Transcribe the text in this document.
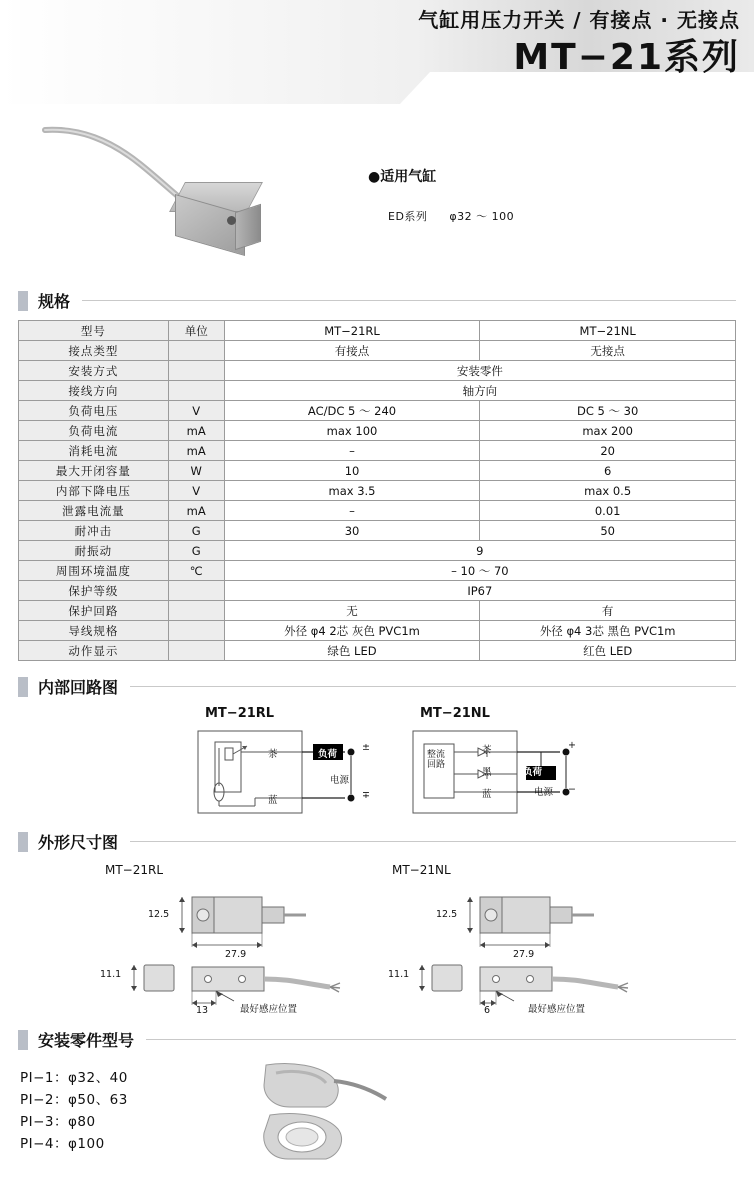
气缸用压力开关 / 有接点 · 无接点
MT−21系列
●适用气缸
ED系列 φ32 ～ 100
规格
型号	单位	MT−21RL	MT−21NL
接点类型		有接点	无接点
安装方式		安装零件	
接线方向		轴方向	
负荷电压	V	AC/DC 5 ～ 240	DC 5 ～ 30
负荷电流	mA	max 100	max 200
消耗电流	mA	–	20
最大开闭容量	W	10	6
内部下降电压	V	max 3.5	max 0.5
泄露电流量	mA	–	0.01
耐冲击	G	30	50
耐振动	G	9	
周围环境温度	℃	– 10 ～ 70	
保护等级		IP67	
保护回路		无	有
导线规格		外径 φ4 2芯 灰色 PVC1m	外径 φ4 3芯 黑色 PVC1m
动作显示		绿色 LED	红色 LED
内部回路图
MT−21RL	MT−21NL
茶
蓝
负荷
电源
±
∓
整流回路
茶
黑
蓝
负荷
电源
+
−
外形尺寸图
MT−21RL
12.5
27.9
11.1
13	最好感应位置
MT−21NL
12.5
27.9
11.1
6	最好感应位置
安装零件型号
PI−1：φ32、40
PI−2：φ50、63
PI−3：φ80
PI−4：φ100
